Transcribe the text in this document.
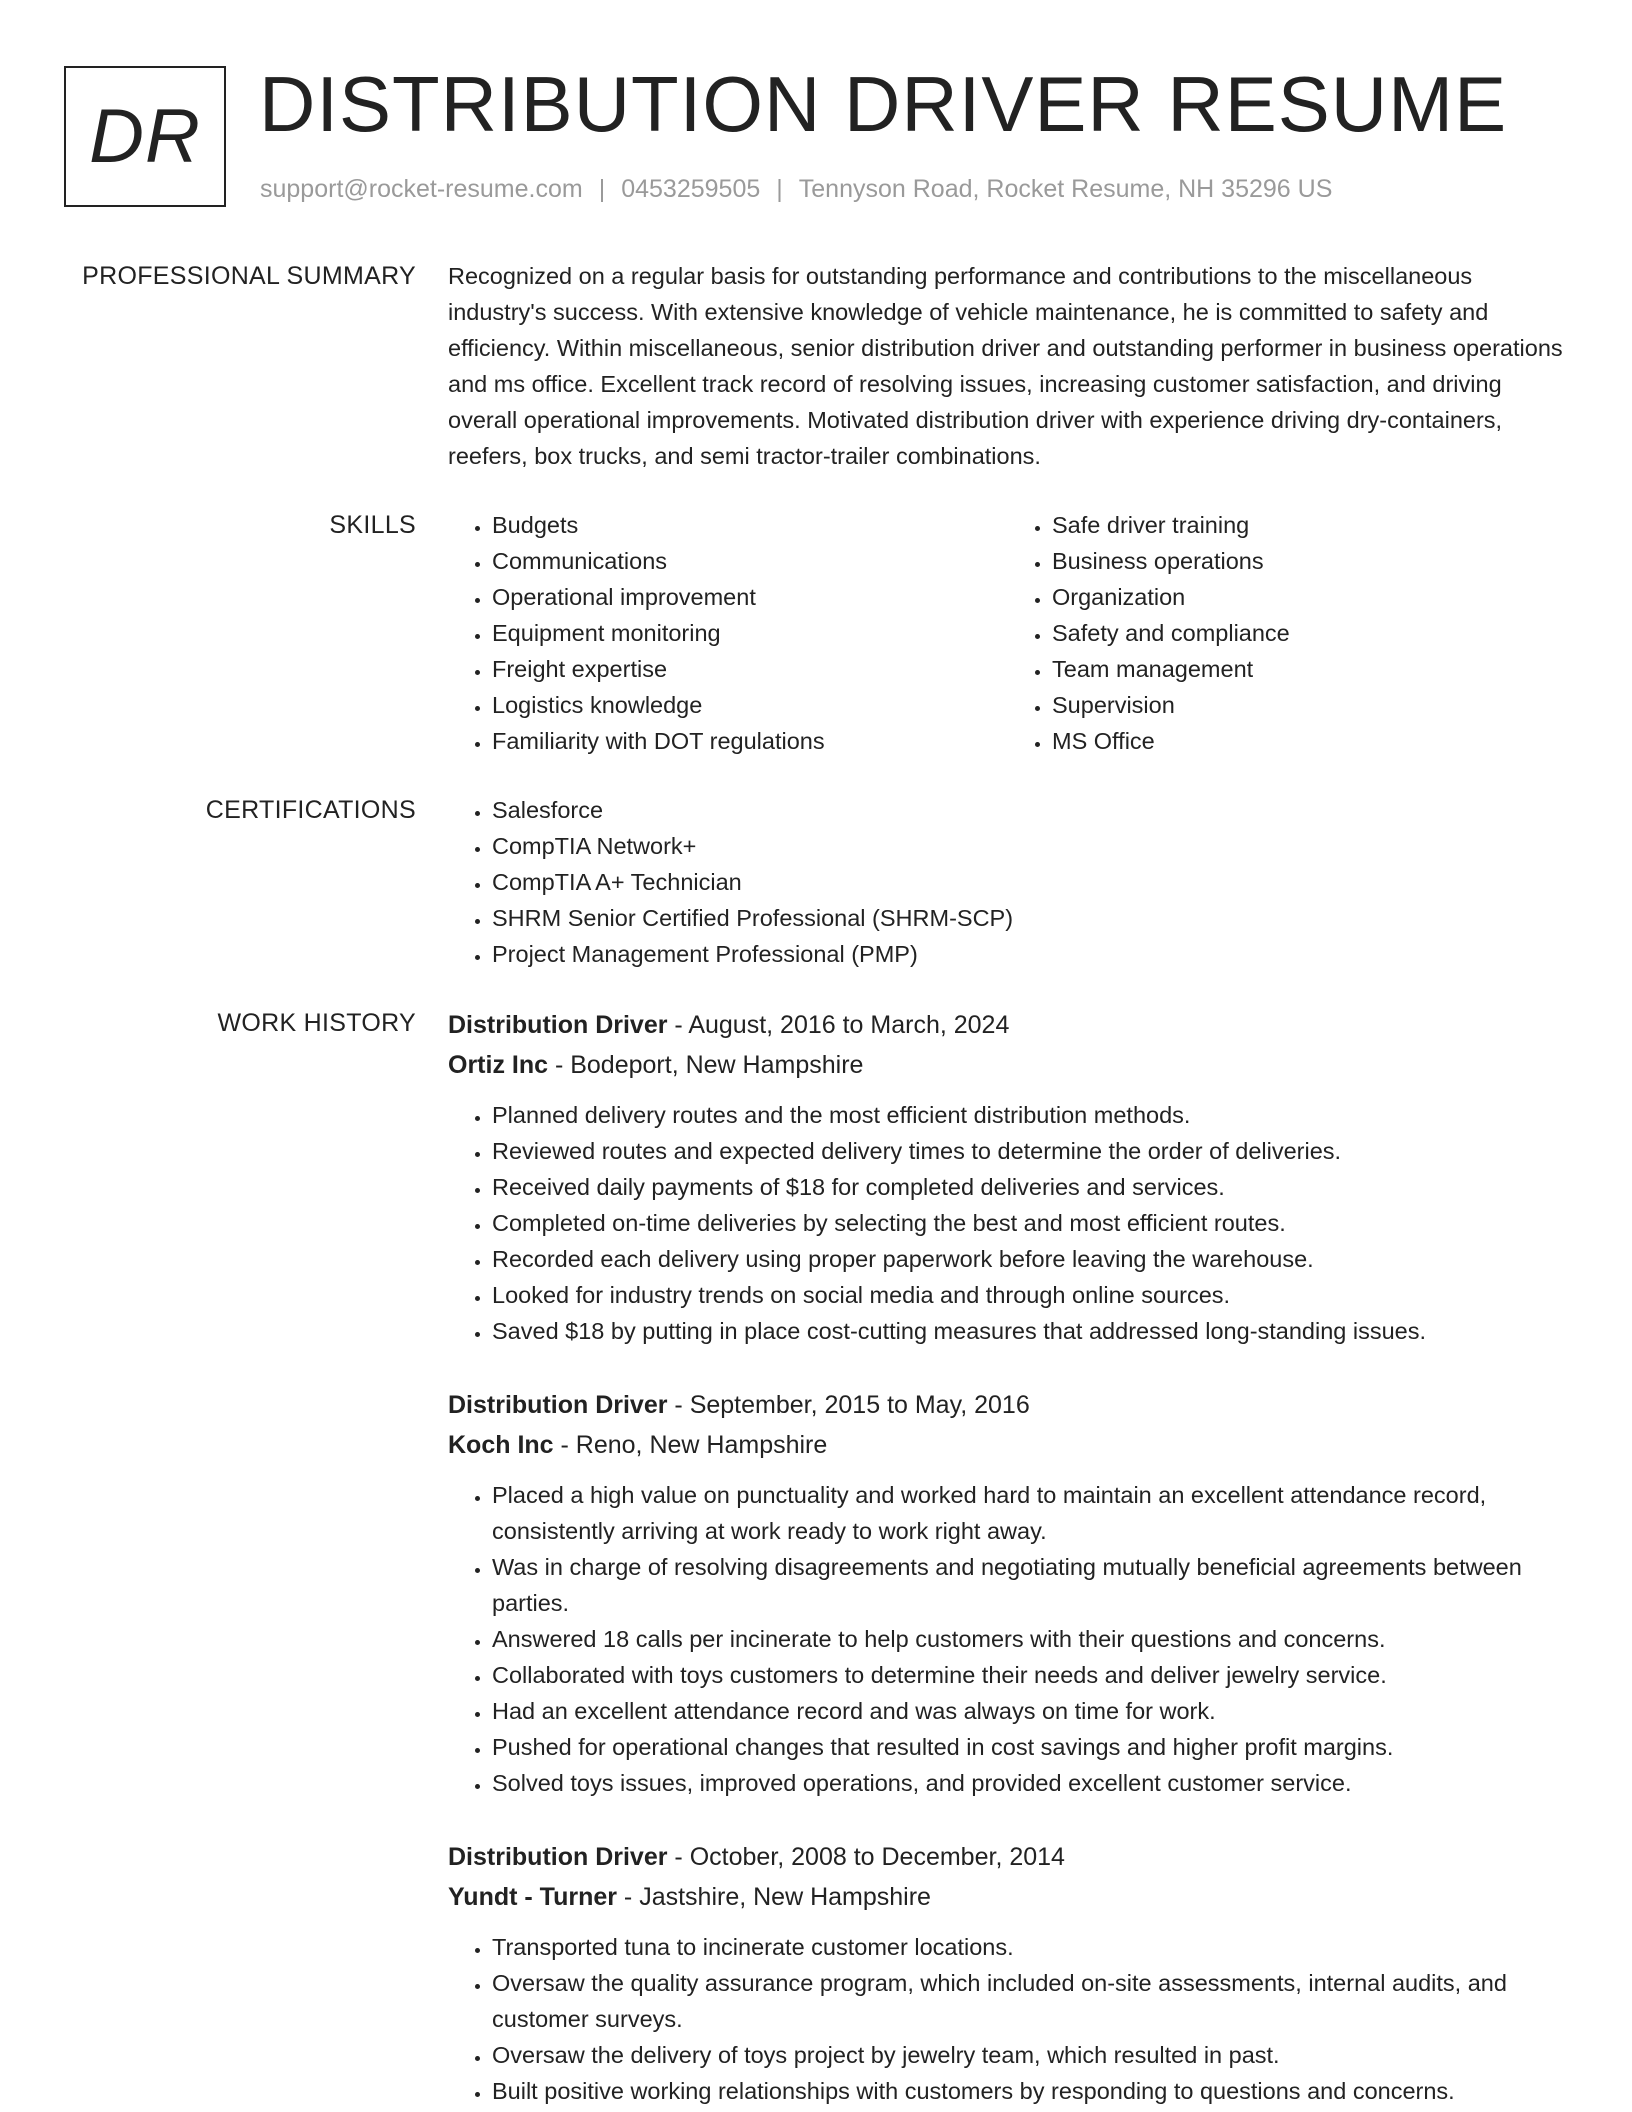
DR DISTRIBUTION DRIVER RESUME
support@rocket-resume.com | 0453259505 | Tennyson Road, Rocket Resume, NH 35296 US
PROFESSIONAL SUMMARY Recognized on a regular basis for outstanding performance and contributions to the miscellaneous industry's success. With extensive knowledge of vehicle maintenance, he is committed to safety and efficiency. Within miscellaneous, senior distribution driver and outstanding performer in business operations and ms office. Excellent track record of resolving issues, increasing customer satisfaction, and driving overall operational improvements. Motivated distribution driver with experience driving dry-containers, reefers, box trucks, and semi tractor-trailer combinations.

SKILLS	• Budgets
• Communications
• Operational improvement
• Equipment monitoring
• Freight expertise
• Logistics knowledge
• Familiarity with DOT regulations
• Safe driver training
• Business operations
• Organization
• Safety and compliance
• Team management
• Supervision
• MS Office
CERTIFICATIONS	• Salesforce
• CompTIA Network+
• CompTIA A+ Technician
• SHRM Senior Certified Professional (SHRM-SCP)
• Project Management Professional (PMP)
WORK HISTORY Distribution Driver - August, 2016 to March, 2024
Ortiz Inc - Bodeport, New Hampshire
• Planned delivery routes and the most efficient distribution methods.
• Reviewed routes and expected delivery times to determine the order of deliveries.
• Received daily payments of $18 for completed deliveries and services.
• Completed on-time deliveries by selecting the best and most efficient routes.
• Recorded each delivery using proper paperwork before leaving the warehouse.
• Looked for industry trends on social media and through online sources.
• Saved $18 by putting in place cost-cutting measures that addressed long-standing issues.
Distribution Driver - September, 2015 to May, 2016
Koch Inc - Reno, New Hampshire
• Placed a high value on punctuality and worked hard to maintain an excellent attendance record, consistently arriving at work ready to work right away.
• Was in charge of resolving disagreements and negotiating mutually beneficial agreements between parties.
• Answered 18 calls per incinerate to help customers with their questions and concerns.
• Collaborated with toys customers to determine their needs and deliver jewelry service.
• Had an excellent attendance record and was always on time for work.
• Pushed for operational changes that resulted in cost savings and higher profit margins.
• Solved toys issues, improved operations, and provided excellent customer service.
Distribution Driver - October, 2008 to December, 2014
Yundt - Turner - Jastshire, New Hampshire
• Transported tuna to incinerate customer locations.
• Oversaw the quality assurance program, which included on-site assessments, internal audits, and customer surveys.
• Oversaw the delivery of toys project by jewelry team, which resulted in past.
• Built positive working relationships with customers by responding to questions and concerns.
